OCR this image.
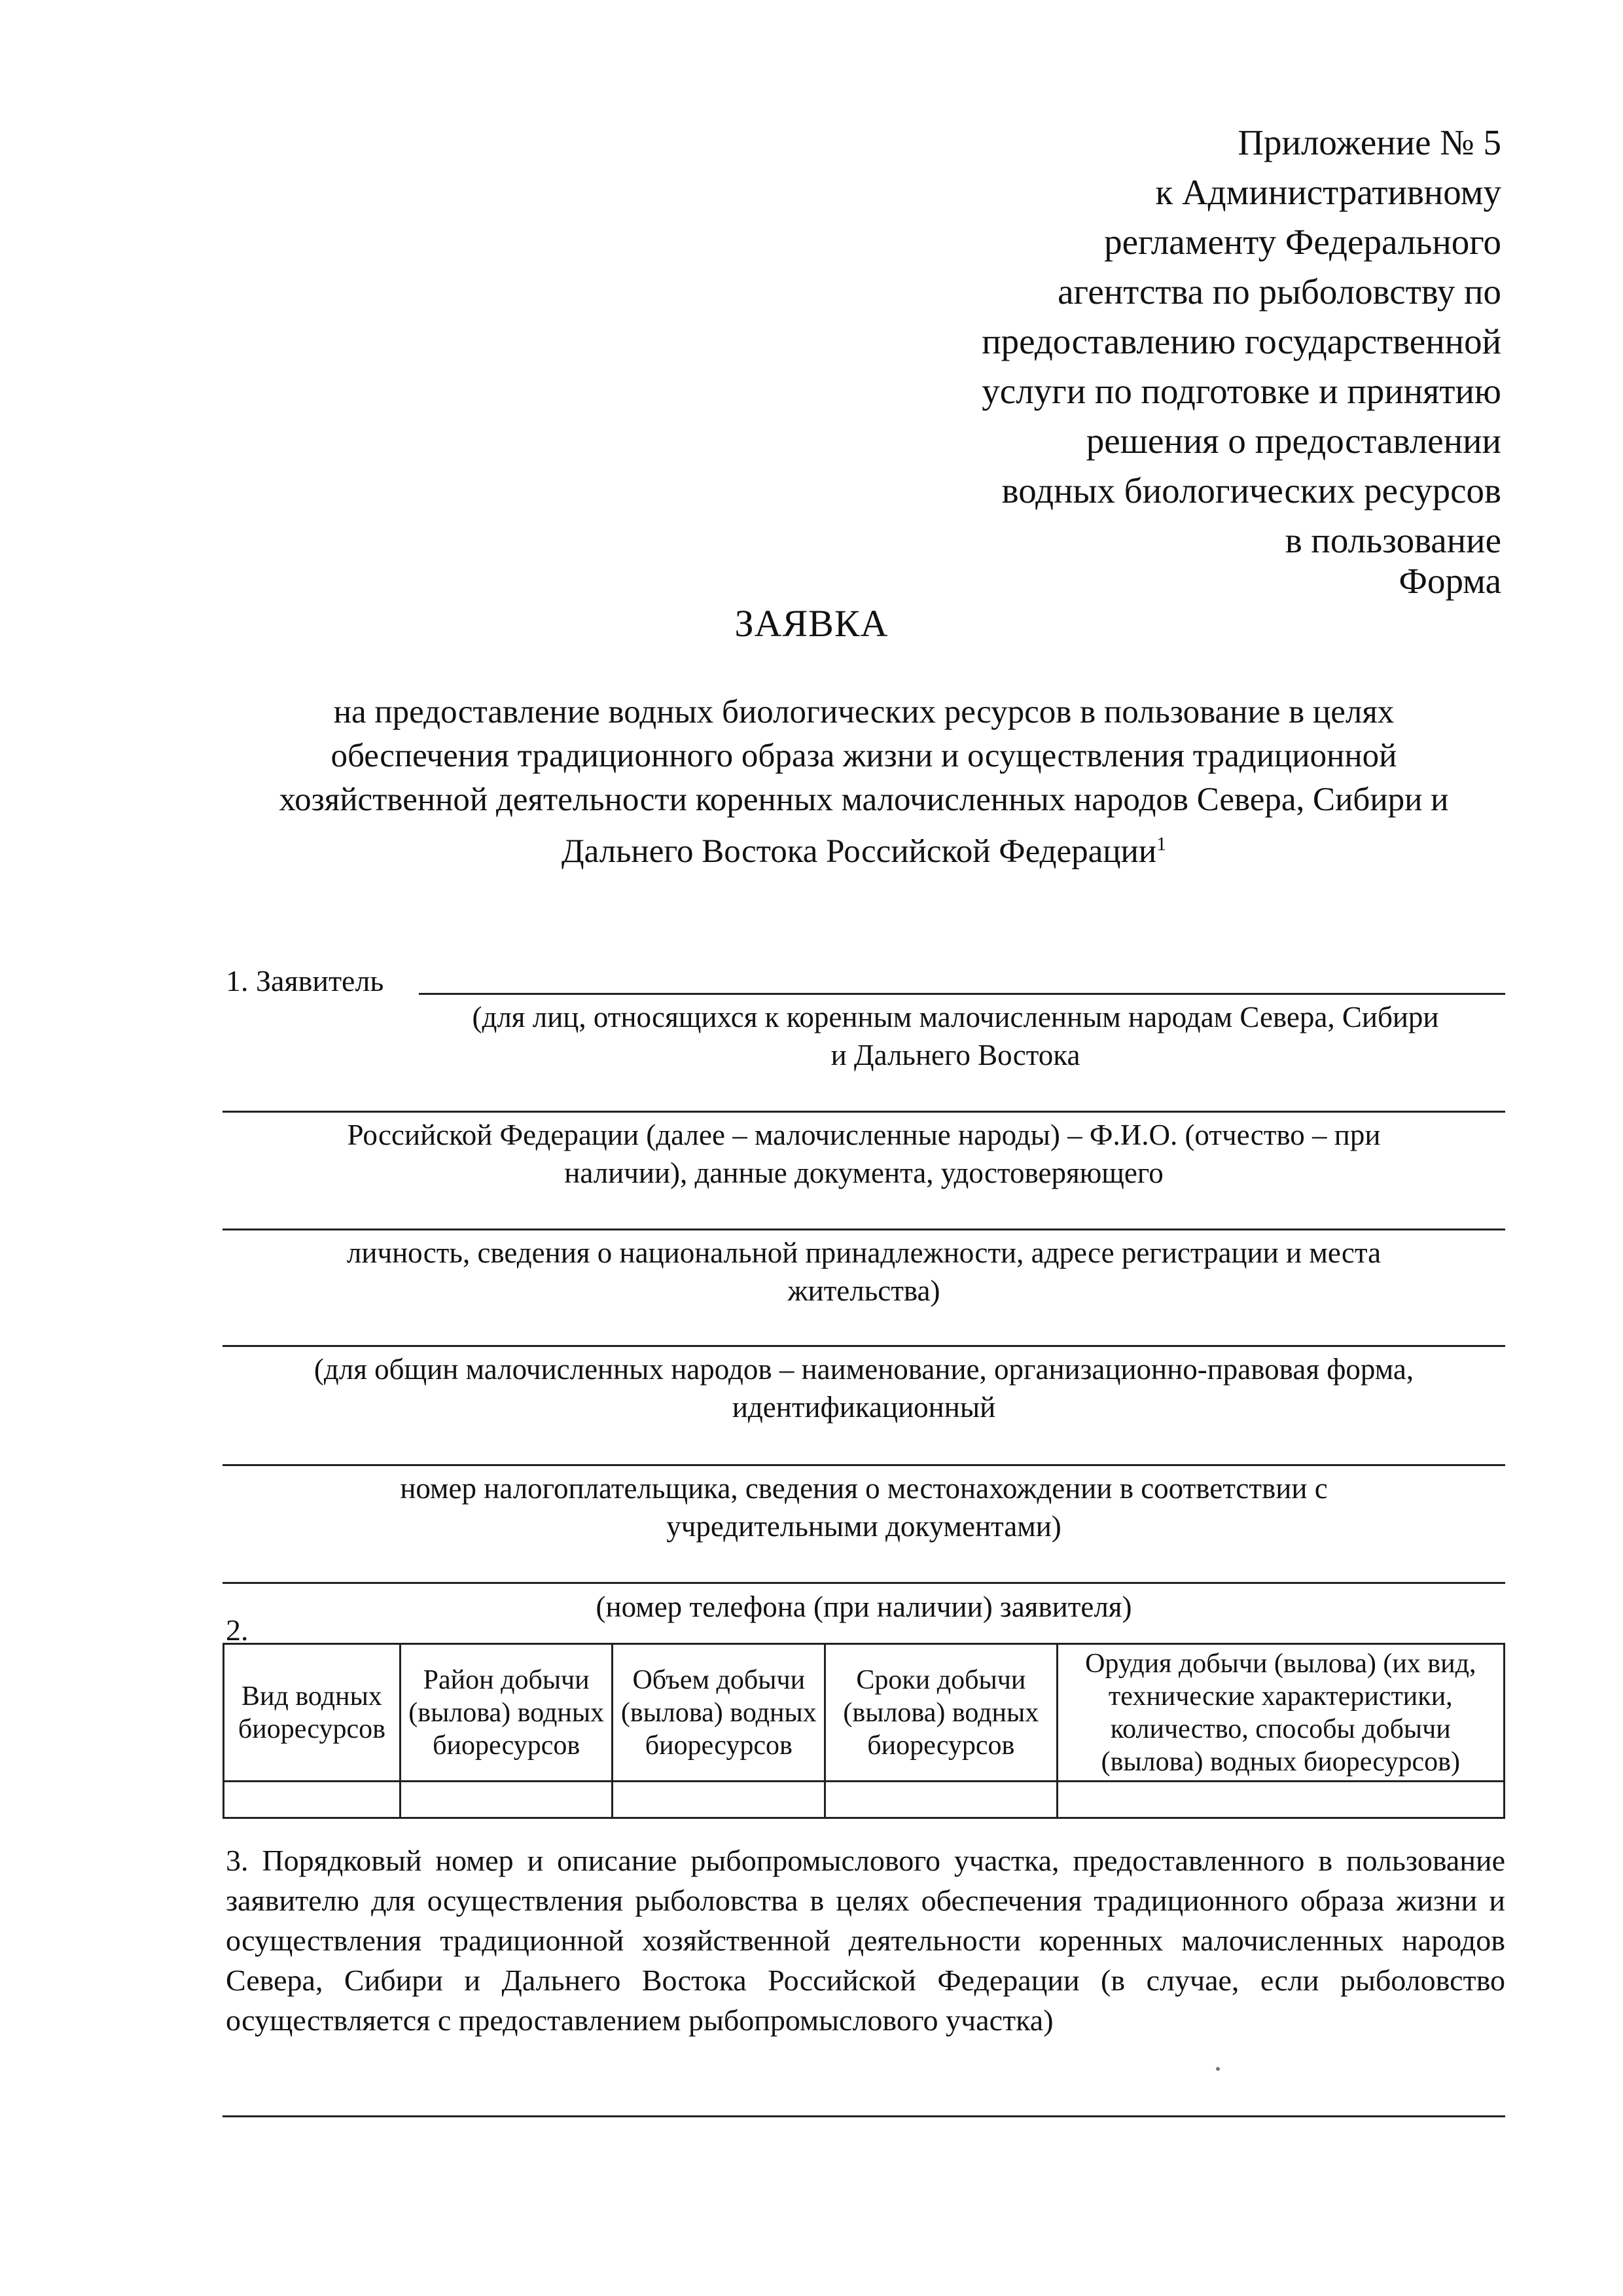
Приложение № 5
к Административному
регламенту Федерального
агентства по рыболовству по
предоставлению государственной
услуги по подготовке и принятию
решения о предоставлении
водных биологических ресурсов
в пользование
Форма
ЗАЯВКА
на предоставление водных биологических ресурсов в пользование в целях
обеспечения традиционного образа жизни и осуществления традиционной
хозяйственной деятельности коренных малочисленных народов Севера, Сибири и
Дальнего Востока Российской Федерации$^1$
1. Заявитель
(для лиц, относящихся к коренным малочисленным народам Севера, Сибири
и Дальнего Востока
Российской Федерации (далее – малочисленные народы) – Ф.И.О. (отчество – при
наличии), данные документа, удостоверяющего
личность, сведения о национальной принадлежности, адресе регистрации и места
жительства)
(для общин малочисленных народов – наименование, организационно-правовая форма,
идентификационный
номер налогоплательщика, сведения о местонахождении в соответствии с
учредительными документами)
(номер телефона (при наличии) заявителя)
2.
Вид водных биоресурсов	Район добычи (вылова) водных биоресурсов	Объем добычи (вылова) водных биоресурсов	Сроки добычи (вылова) водных биоресурсов	Орудия добычи (вылова) (их вид, технические характеристики, количество, способы добычи (вылова) водных биоресурсов)

3. Порядковый номер и описание рыбопромыслового участка, предоставленного в пользование заявителю для осуществления рыболовства в целях обеспечения традиционного образа жизни и осуществления традиционной хозяйственной деятельности коренных малочисленных народов Севера, Сибири и Дальнего Востока Российской Федерации (в случае, если рыболовство осуществляется с предоставлением рыбопромыслового участка)
